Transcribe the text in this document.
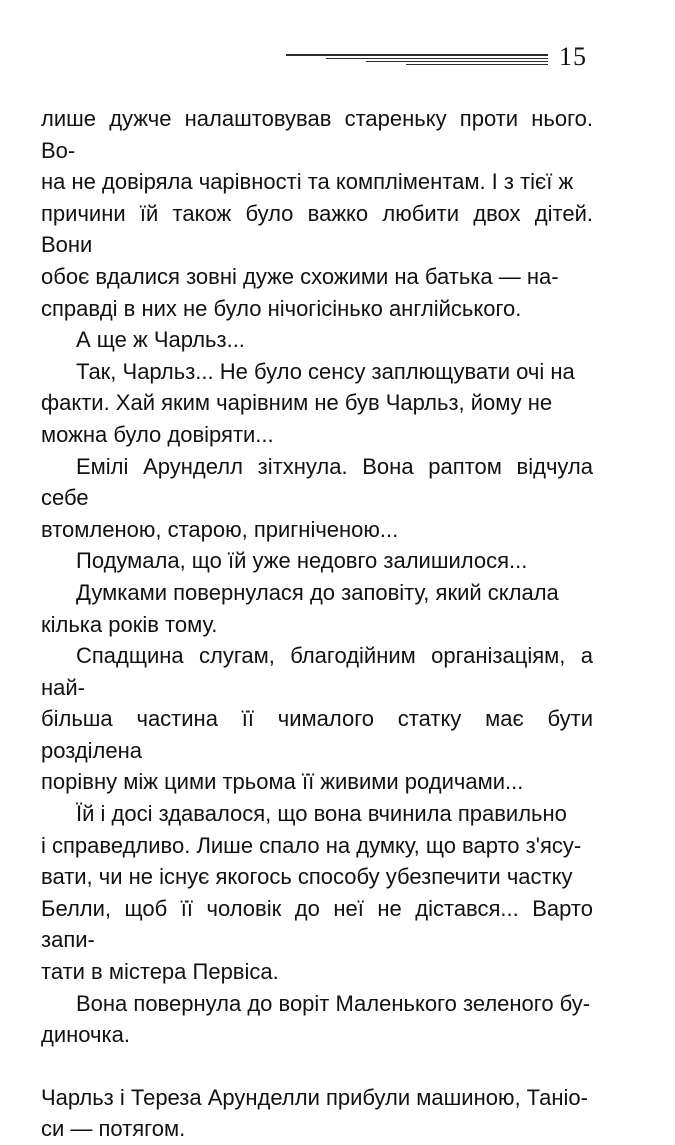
15

лише дужче налаштовував стареньку проти нього. Во-
на не довіряла чарівності та компліментам. І з тієї ж
причини їй також було важко любити двох дітей. Вони
обоє вдалися зовні дуже схожими на батька — на-
справді в них не було нічогісінько англійського.

А ще ж Чарльз...

Так, Чарльз... Не було сенсу заплющувати очі на
факти. Хай яким чарівним не був Чарльз, йому не
можна було довіряти...

Емілі Арунделл зітхнула. Вона раптом відчула себе
втомленою, старою, пригніченою...

Подумала, що їй уже недовго залишилося...

Думками повернулася до заповіту, який склала
кілька років тому.

Спадщина слугам, благодійним організаціям, а най-
більша частина її чималого статку має бути розділена
порівну між цими трьома її живими родичами...

Їй і досі здавалося, що вона вчинила правильно
і справедливо. Лише спало на думку, що варто з'ясу-
вати, чи не існує якогось способу убезпечити частку
Белли, щоб її чоловік до неї не дістався... Варто запи-
тати в містера Первіса.

Вона повернула до воріт Маленького зеленого бу-
диночка.

Чарльз і Тереза Арунделли прибули машиною, Таніо-
си — потягом.
